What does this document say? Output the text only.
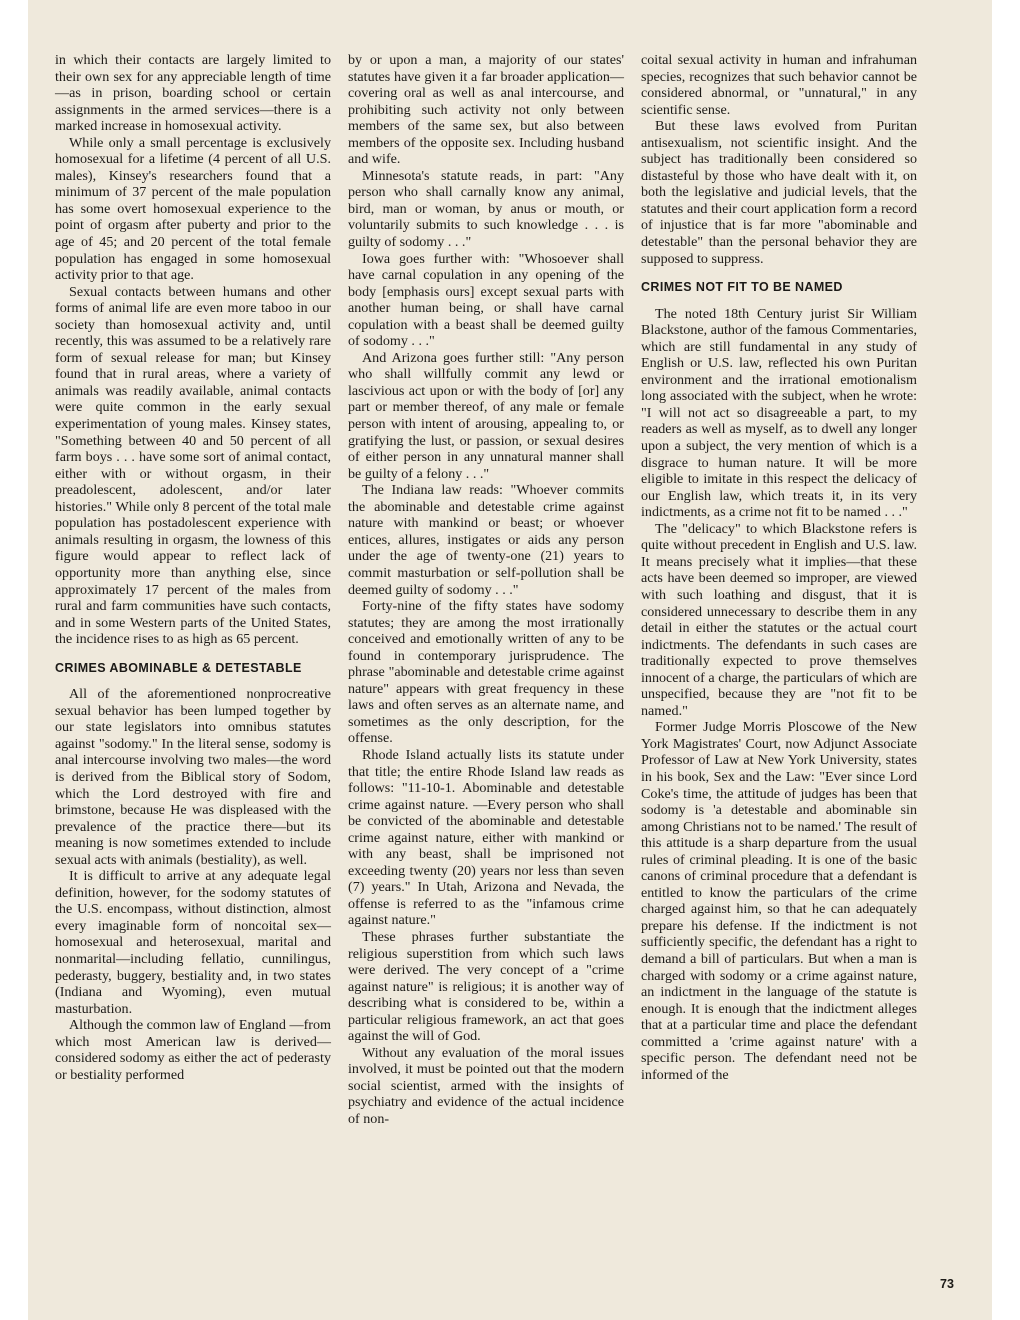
in which their contacts are largely limited to their own sex for any appreciable length of time—as in prison, boarding school or certain assignments in the armed services—there is a marked increase in homosexual activity.

While only a small percentage is exclusively homosexual for a lifetime (4 percent of all U.S. males), Kinsey's researchers found that a minimum of 37 percent of the male population has some overt homosexual experience to the point of orgasm after puberty and prior to the age of 45; and 20 percent of the total female population has engaged in some homosexual activity prior to that age.

Sexual contacts between humans and other forms of animal life are even more taboo in our society than homosexual activity and, until recently, this was assumed to be a relatively rare form of sexual release for man; but Kinsey found that in rural areas, where a variety of animals was readily available, animal contacts were quite common in the early sexual experimentation of young males. Kinsey states, "Something between 40 and 50 percent of all farm boys . . . have some sort of animal contact, either with or without orgasm, in their preadolescent, adolescent, and/or later histories." While only 8 percent of the total male population has postadolescent experience with animals resulting in orgasm, the lowness of this figure would appear to reflect lack of opportunity more than anything else, since approximately 17 percent of the males from rural and farm communities have such contacts, and in some Western parts of the United States, the incidence rises to as high as 65 percent.

CRIMES ABOMINABLE & DETESTABLE

All of the aforementioned nonprocreative sexual behavior has been lumped together by our state legislators into omnibus statutes against "sodomy." In the literal sense, sodomy is anal intercourse involving two males—the word is derived from the Biblical story of Sodom, which the Lord destroyed with fire and brimstone, because He was displeased with the prevalence of the practice there—but its meaning is now sometimes extended to include sexual acts with animals (bestiality), as well.

It is difficult to arrive at any adequate legal definition, however, for the sodomy statutes of the U.S. encompass, without distinction, almost every imaginable form of noncoital sex—homosexual and heterosexual, marital and nonmarital—including fellatio, cunnilingus, pederasty, buggery, bestiality and, in two states (Indiana and Wyoming), even mutual masturbation.

Although the common law of England —from which most American law is derived—considered sodomy as either the act of pederasty or bestiality performed

by or upon a man, a majority of our states' statutes have given it a far broader application—covering oral as well as anal intercourse, and prohibiting such activity not only between members of the same sex, but also between members of the opposite sex. Including husband and wife.

Minnesota's statute reads, in part: "Any person who shall carnally know any animal, bird, man or woman, by anus or mouth, or voluntarily submits to such knowledge . . . is guilty of sodomy . . ."

Iowa goes further with: "Whosoever shall have carnal copulation in any opening of the body [emphasis ours] except sexual parts with another human being, or shall have carnal copulation with a beast shall be deemed guilty of sodomy . . ."

And Arizona goes further still: "Any person who shall willfully commit any lewd or lascivious act upon or with the body of [or] any part or member thereof, of any male or female person with intent of arousing, appealing to, or gratifying the lust, or passion, or sexual desires of either person in any unnatural manner shall be guilty of a felony . . ."

The Indiana law reads: "Whoever commits the abominable and detestable crime against nature with mankind or beast; or whoever entices, allures, instigates or aids any person under the age of twenty-one (21) years to commit masturbation or self-pollution shall be deemed guilty of sodomy . . ."

Forty-nine of the fifty states have sodomy statutes; they are among the most irrationally conceived and emotionally written of any to be found in contemporary jurisprudence. The phrase "abominable and detestable crime against nature" appears with great frequency in these laws and often serves as an alternate name, and sometimes as the only description, for the offense.

Rhode Island actually lists its statute under that title; the entire Rhode Island law reads as follows: "11-10-1. Abominable and detestable crime against nature. —Every person who shall be convicted of the abominable and detestable crime against nature, either with mankind or with any beast, shall be imprisoned not exceeding twenty (20) years nor less than seven (7) years." In Utah, Arizona and Nevada, the offense is referred to as the "infamous crime against nature."

These phrases further substantiate the religious superstition from which such laws were derived. The very concept of a "crime against nature" is religious; it is another way of describing what is considered to be, within a particular religious framework, an act that goes against the will of God.

Without any evaluation of the moral issues involved, it must be pointed out that the modern social scientist, armed with the insights of psychiatry and evidence of the actual incidence of non-

coital sexual activity in human and infrahuman species, recognizes that such behavior cannot be considered abnormal, or "unnatural," in any scientific sense.

But these laws evolved from Puritan antisexualism, not scientific insight. And the subject has traditionally been considered so distasteful by those who have dealt with it, on both the legislative and judicial levels, that the statutes and their court application form a record of injustice that is far more "abominable and detestable" than the personal behavior they are supposed to suppress.

CRIMES NOT FIT TO BE NAMED

The noted 18th Century jurist Sir William Blackstone, author of the famous Commentaries, which are still fundamental in any study of English or U.S. law, reflected his own Puritan environment and the irrational emotionalism long associated with the subject, when he wrote: "I will not act so disagreeable a part, to my readers as well as myself, as to dwell any longer upon a subject, the very mention of which is a disgrace to human nature. It will be more eligible to imitate in this respect the delicacy of our English law, which treats it, in its very indictments, as a crime not fit to be named . . ."

The "delicacy" to which Blackstone refers is quite without precedent in English and U.S. law. It means precisely what it implies—that these acts have been deemed so improper, are viewed with such loathing and disgust, that it is considered unnecessary to describe them in any detail in either the statutes or the actual court indictments. The defendants in such cases are traditionally expected to prove themselves innocent of a charge, the particulars of which are unspecified, because they are "not fit to be named."

Former Judge Morris Ploscowe of the New York Magistrates' Court, now Adjunct Associate Professor of Law at New York University, states in his book, Sex and the Law: "Ever since Lord Coke's time, the attitude of judges has been that sodomy is 'a detestable and abominable sin among Christians not to be named.' The result of this attitude is a sharp departure from the usual rules of criminal pleading. It is one of the basic canons of criminal procedure that a defendant is entitled to know the particulars of the crime charged against him, so that he can adequately prepare his defense. If the indictment is not sufficiently specific, the defendant has a right to demand a bill of particulars. But when a man is charged with sodomy or a crime against nature, an indictment in the language of the statute is enough. It is enough that the indictment alleges that at a particular time and place the defendant committed a 'crime against nature' with a specific person. The defendant need not be informed of the

73
